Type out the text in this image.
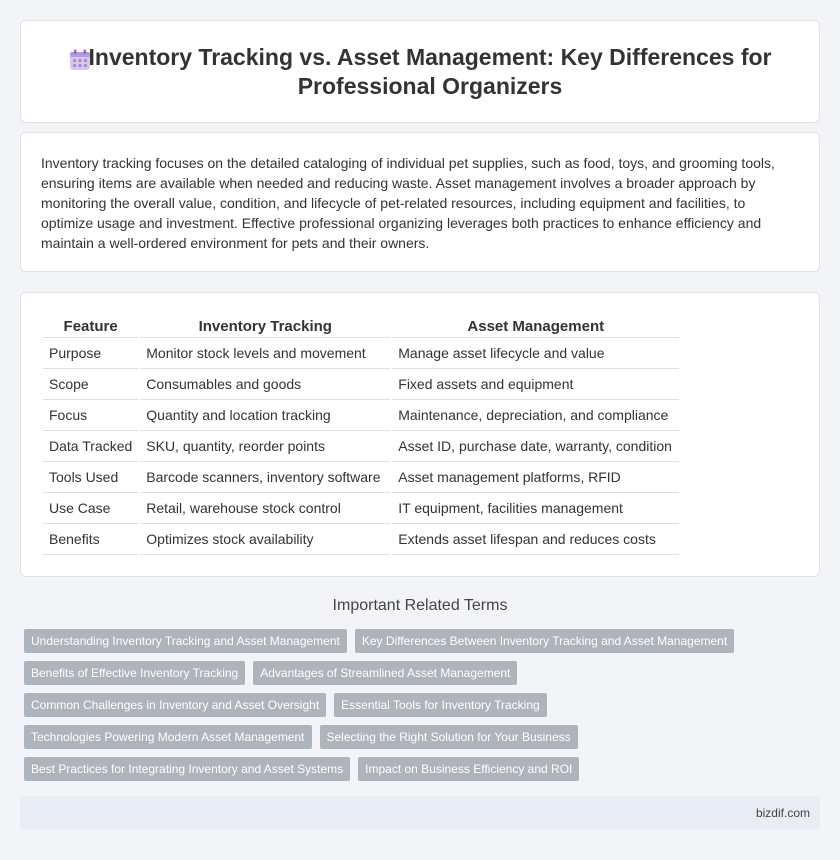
Inventory Tracking vs. Asset Management: Key Differences for Professional Organizers

Inventory tracking focuses on the detailed cataloging of individual pet supplies, such as food, toys, and grooming tools, ensuring items are available when needed and reducing waste. Asset management involves a broader approach by monitoring the overall value, condition, and lifecycle of pet-related resources, including equipment and facilities, to optimize usage and investment. Effective professional organizing leverages both practices to enhance efficiency and maintain a well-ordered environment for pets and their owners.

Feature	Inventory Tracking	Asset Management
Purpose	Monitor stock levels and movement	Manage asset lifecycle and value
Scope	Consumables and goods	Fixed assets and equipment
Focus	Quantity and location tracking	Maintenance, depreciation, and compliance
Data Tracked	SKU, quantity, reorder points	Asset ID, purchase date, warranty, condition
Tools Used	Barcode scanners, inventory software	Asset management platforms, RFID
Use Case	Retail, warehouse stock control	IT equipment, facilities management
Benefits	Optimizes stock availability	Extends asset lifespan and reduces costs
Important Related Terms
Understanding Inventory Tracking and Asset Management	Key Differences Between Inventory Tracking and Asset Management
Benefits of Effective Inventory Tracking	Advantages of Streamlined Asset Management
Common Challenges in Inventory and Asset Oversight	Essential Tools for Inventory Tracking
Technologies Powering Modern Asset Management	Selecting the Right Solution for Your Business
Best Practices for Integrating Inventory and Asset Systems	Impact on Business Efficiency and ROI
bizdif.com
